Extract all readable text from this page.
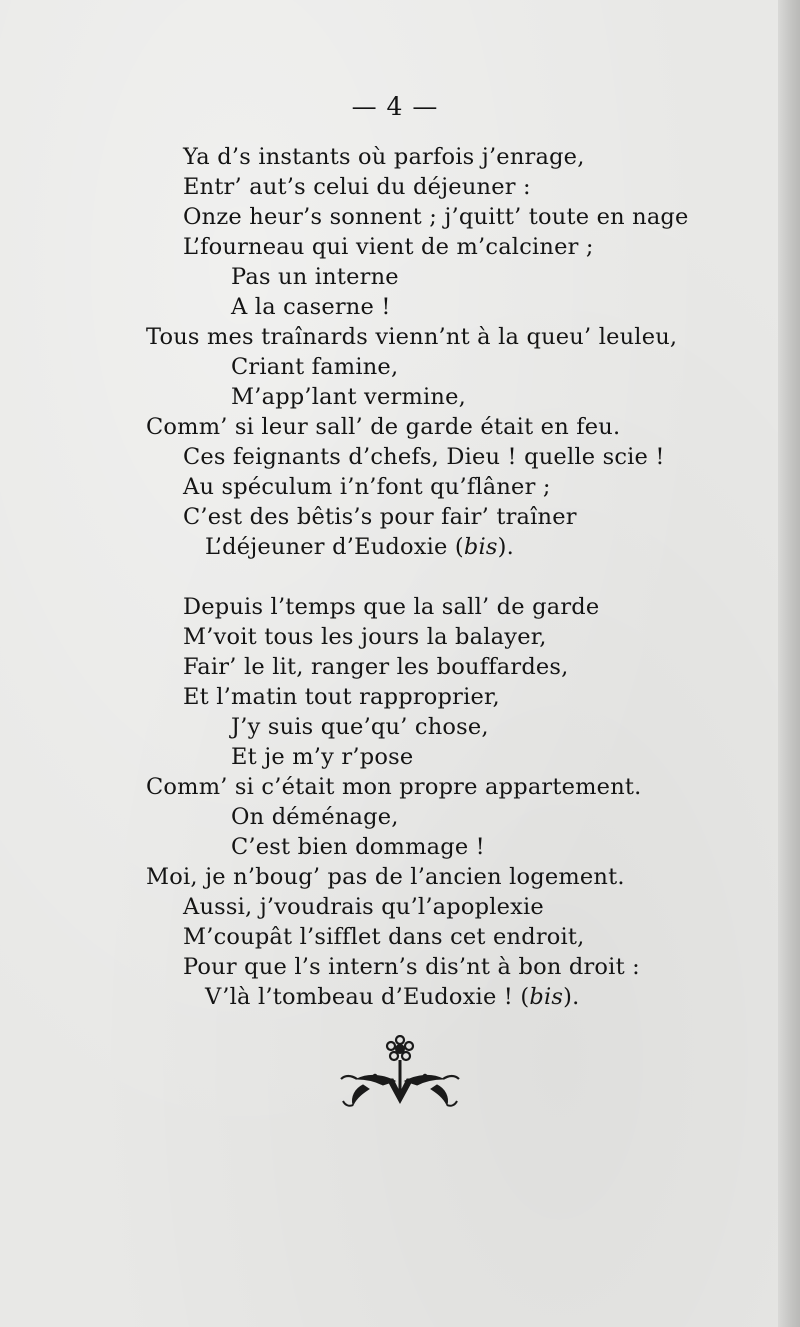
— 4 —
Ya d’s instants où parfois j’enrage,
Entr’ aut’s celui du déjeuner :
Onze heur’s sonnent ; j’quitt’ toute en nage
L’fourneau qui vient de m’calciner ;
Pas un interne
A la caserne !
Tous mes traînards vienn’nt à la queu’ leuleu,
Criant famine,
M’app’lant vermine,
Comm’ si leur sall’ de garde était en feu.
Ces feignants d’chefs, Dieu ! quelle scie !
Au spéculum i’n’font qu’flâner ;
C’est des bêtis’s pour fair’ traîner
L’déjeuner d’Eudoxie (bis).
Depuis l’temps que la sall’ de garde
M’voit tous les jours la balayer,
Fair’ le lit, ranger les bouffardes,
Et l’matin tout rapproprier,
J’y suis que’qu’ chose,
Et je m’y r’pose
Comm’ si c’était mon propre appartement.
On déménage,
C’est bien dommage !
Moi, je n’boug’ pas de l’ancien logement.
Aussi, j’voudrais qu’l’apoplexie
M’coupât l’sifflet dans cet endroit,
Pour que l’s intern’s dis’nt à bon droit :
V’là l’tombeau d’Eudoxie ! (bis).
